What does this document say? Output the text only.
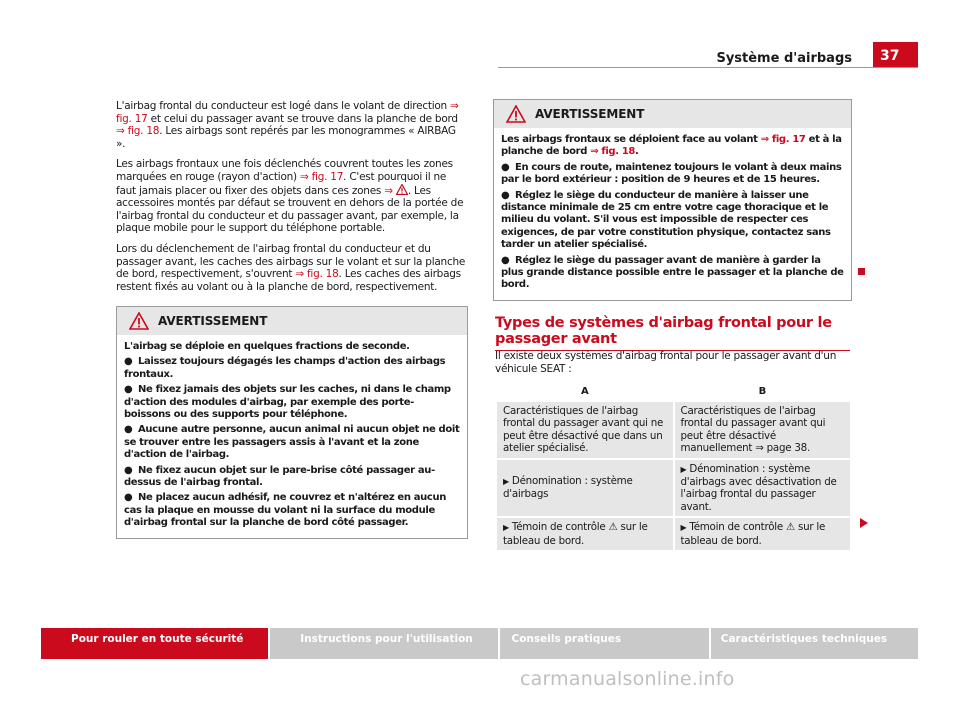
Système d'airbags	37

L'airbag frontal du conducteur est logé dans le volant de direction ⇒ fig. 17 et celui du passager avant se trouve dans la planche de bord ⇒ fig. 18. Les airbags sont repérés par les monogrammes « AIRBAG ».

Les airbags frontaux une fois déclenchés couvrent toutes les zones marquées en rouge (rayon d'action) ⇒ fig. 17. C'est pourquoi il ne faut jamais placer ou fixer des objets dans ces zones ⇒ . Les accessoires montés par défaut se trouvent en dehors de la portée de l'airbag frontal du conducteur et du passager avant, par exemple, la plaque mobile pour le support du téléphone portable.

Lors du déclenchement de l'airbag frontal du conducteur et du passager avant, les caches des airbags sur le volant et sur la planche de bord, respectivement, s'ouvrent ⇒ fig. 18. Les caches des airbags restent fixés au volant ou à la planche de bord, respectivement.

AVERTISSEMENT

L'airbag se déploie en quelques fractions de seconde.

● Laissez toujours dégagés les champs d'action des airbags frontaux.

● Ne fixez jamais des objets sur les caches, ni dans le champ d'action des modules d'airbag, par exemple des porte-boissons ou des supports pour téléphone.

● Aucune autre personne, aucun animal ni aucun objet ne doit se trouver entre les passagers assis à l'avant et la zone d'action de l'airbag.

● Ne fixez aucun objet sur le pare-brise côté passager au-dessus de l'airbag frontal.

● Ne placez aucun adhésif, ne couvrez et n'altérez en aucun cas la plaque en mousse du volant ni la surface du module d'airbag frontal sur la planche de bord côté passager.

AVERTISSEMENT

Les airbags frontaux se déploient face au volant ⇒ fig. 17 et à la planche de bord ⇒ fig. 18.

● En cours de route, maintenez toujours le volant à deux mains par le bord extérieur : position de 9 heures et de 15 heures.

● Réglez le siège du conducteur de manière à laisser une distance minimale de 25 cm entre votre cage thoracique et le milieu du volant. S'il vous est impossible de respecter ces exigences, de par votre constitution physique, contactez sans tarder un atelier spécialisé.

● Réglez le siège du passager avant de manière à garder la plus grande distance possible entre le passager et la planche de bord.

Types de systèmes d'airbag frontal pour le passager avant

Il existe deux systèmes d'airbag frontal pour le passager avant d'un véhicule SEAT :

A	B
Caractéristiques de l'airbag frontal du passager avant qui ne peut être désactivé que dans un atelier spécialisé.	Caractéristiques de l'airbag frontal du passager avant qui peut être désactivé manuellement ⇒ page 38.
▶ Dénomination : système d'airbags	▶ Dénomination : système d'airbags avec désactivation de l'airbag frontal du passager avant.
▶ Témoin de contrôle ⚠ sur le tableau de bord.	▶ Témoin de contrôle ⚠ sur le tableau de bord.
Pour rouler en toute sécurité	Instructions pour l'utilisation	Conseils pratiques	Caractéristiques techniques
carmanualsonline.info
